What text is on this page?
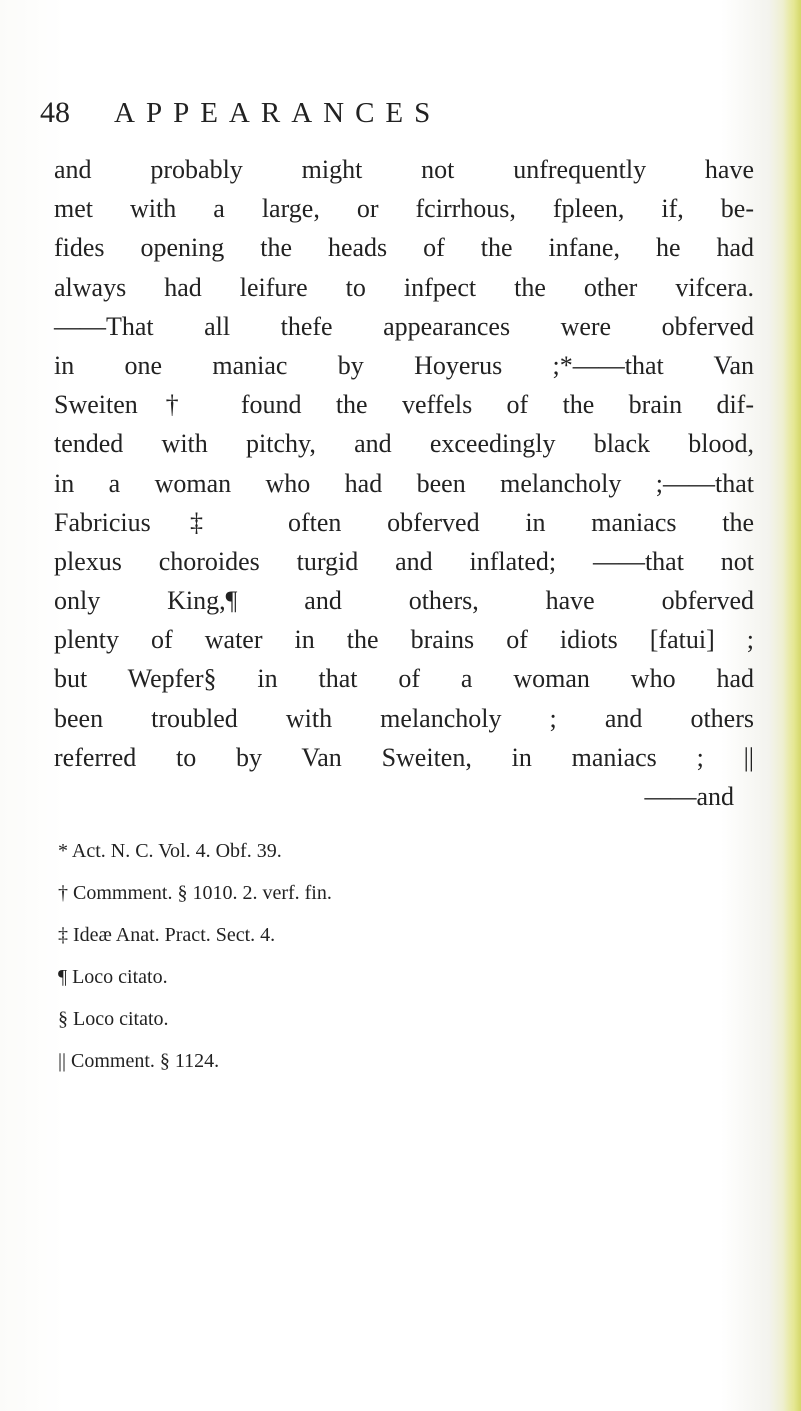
48 APPEARANCES
and probably might not unfrequently have
met with a large, or fcirrhous, fpleen, if, be-
fides opening the heads of the infane, he had
always had leifure to infpect the other vifcera.
——That all thefe appearances were obferved
in one maniac by Hoyerus ;*——that Van
Sweiten† found the veffels of the brain dif-
tended with pitchy, and exceedingly black blood,
in a woman who had been melancholy ;——that
Fabricius‡ often obferved in maniacs the
plexus choroides turgid and inflated; ——that not
only King,¶ and others, have obferved
plenty of water in the brains of idiots [fatui] ;
but Wepfer§ in that of a woman who had
been troubled with melancholy ; and others
referred to by Van Sweiten, in maniacs ; ||
——and
* Act. N. C. Vol. 4. Obf. 39.
† Commment. § 1010. 2. verf. fin.
‡ Ideæ Anat. Pract. Sect. 4.
¶ Loco citato.
§ Loco citato.
|| Comment. § 1124.
